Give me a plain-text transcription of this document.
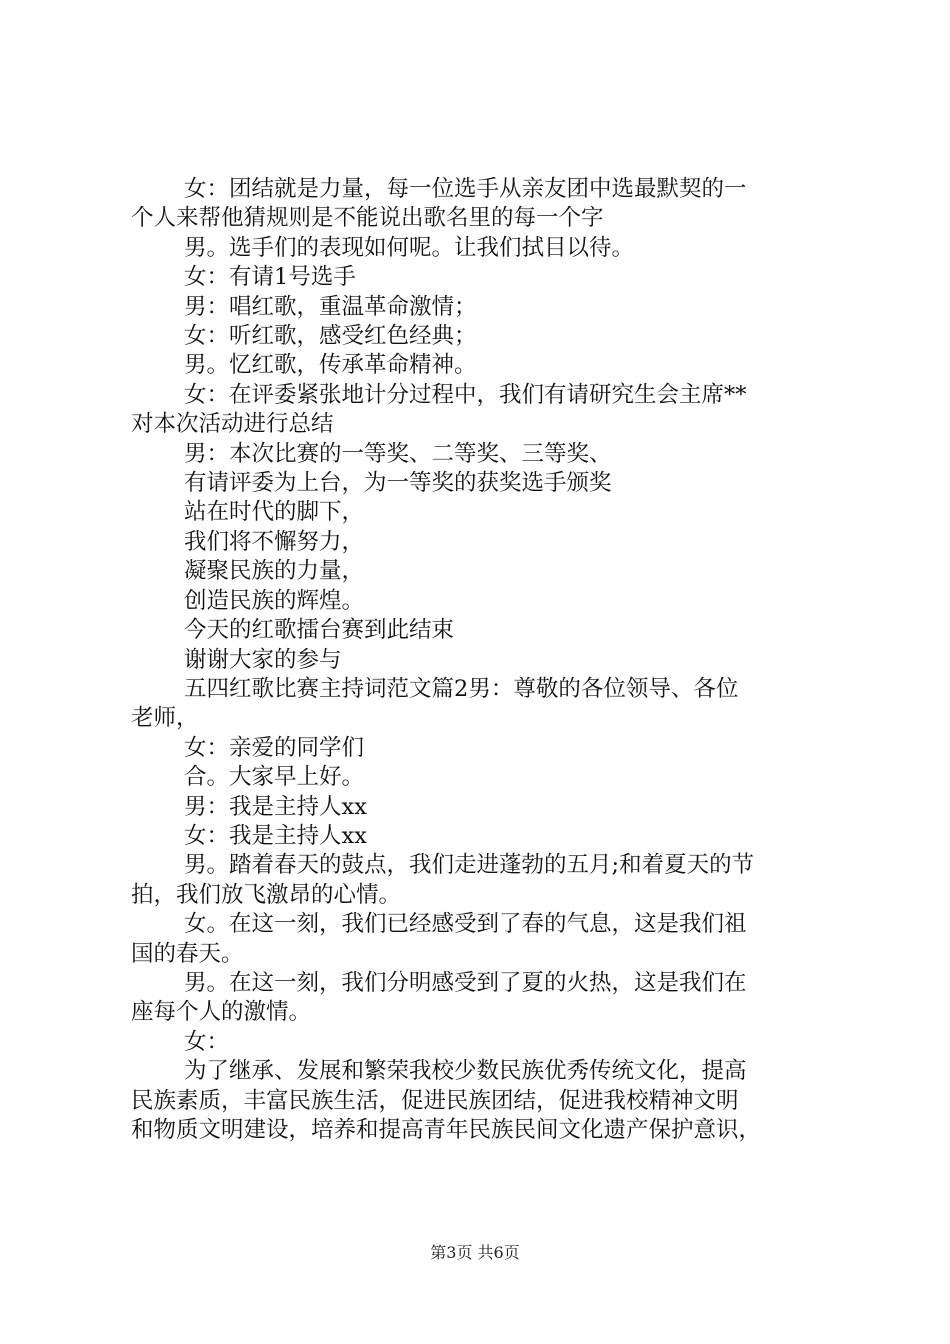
女：团结就是力量，每一位选手从亲友团中选最默契的一

个人来帮他猜规则是不能说出歌名里的每一个字

男。选手们的表现如何呢。让我们拭目以待。

女：有请1号选手

男：唱红歌，重温革命激情；

女：听红歌，感受红色经典；

男。忆红歌，传承革命精神。

女：在评委紧张地计分过程中，我们有请研究生会主席**

对本次活动进行总结

男：本次比赛的一等奖、二等奖、三等奖、

有请评委为上台，为一等奖的获奖选手颁奖

站在时代的脚下，

我们将不懈努力，

凝聚民族的力量，

创造民族的辉煌。

今天的红歌擂台赛到此结束

谢谢大家的参与

五四红歌比赛主持词范文篇2男：尊敬的各位领导、各位

老师，

女：亲爱的同学们

合。大家早上好。

男：我是主持人xx

女：我是主持人xx

男。踏着春天的鼓点，我们走进蓬勃的五月;和着夏天的节

拍，我们放飞激昂的心情。

女。在这一刻，我们已经感受到了春的气息，这是我们祖

国的春天。

男。在这一刻，我们分明感受到了夏的火热，这是我们在

座每个人的激情。

女：

为了继承、发展和繁荣我校少数民族优秀传统文化，提高

民族素质，丰富民族生活，促进民族团结，促进我校精神文明

和物质文明建设，培养和提高青年民族民间文化遗产保护意识，

第3页 共6页
